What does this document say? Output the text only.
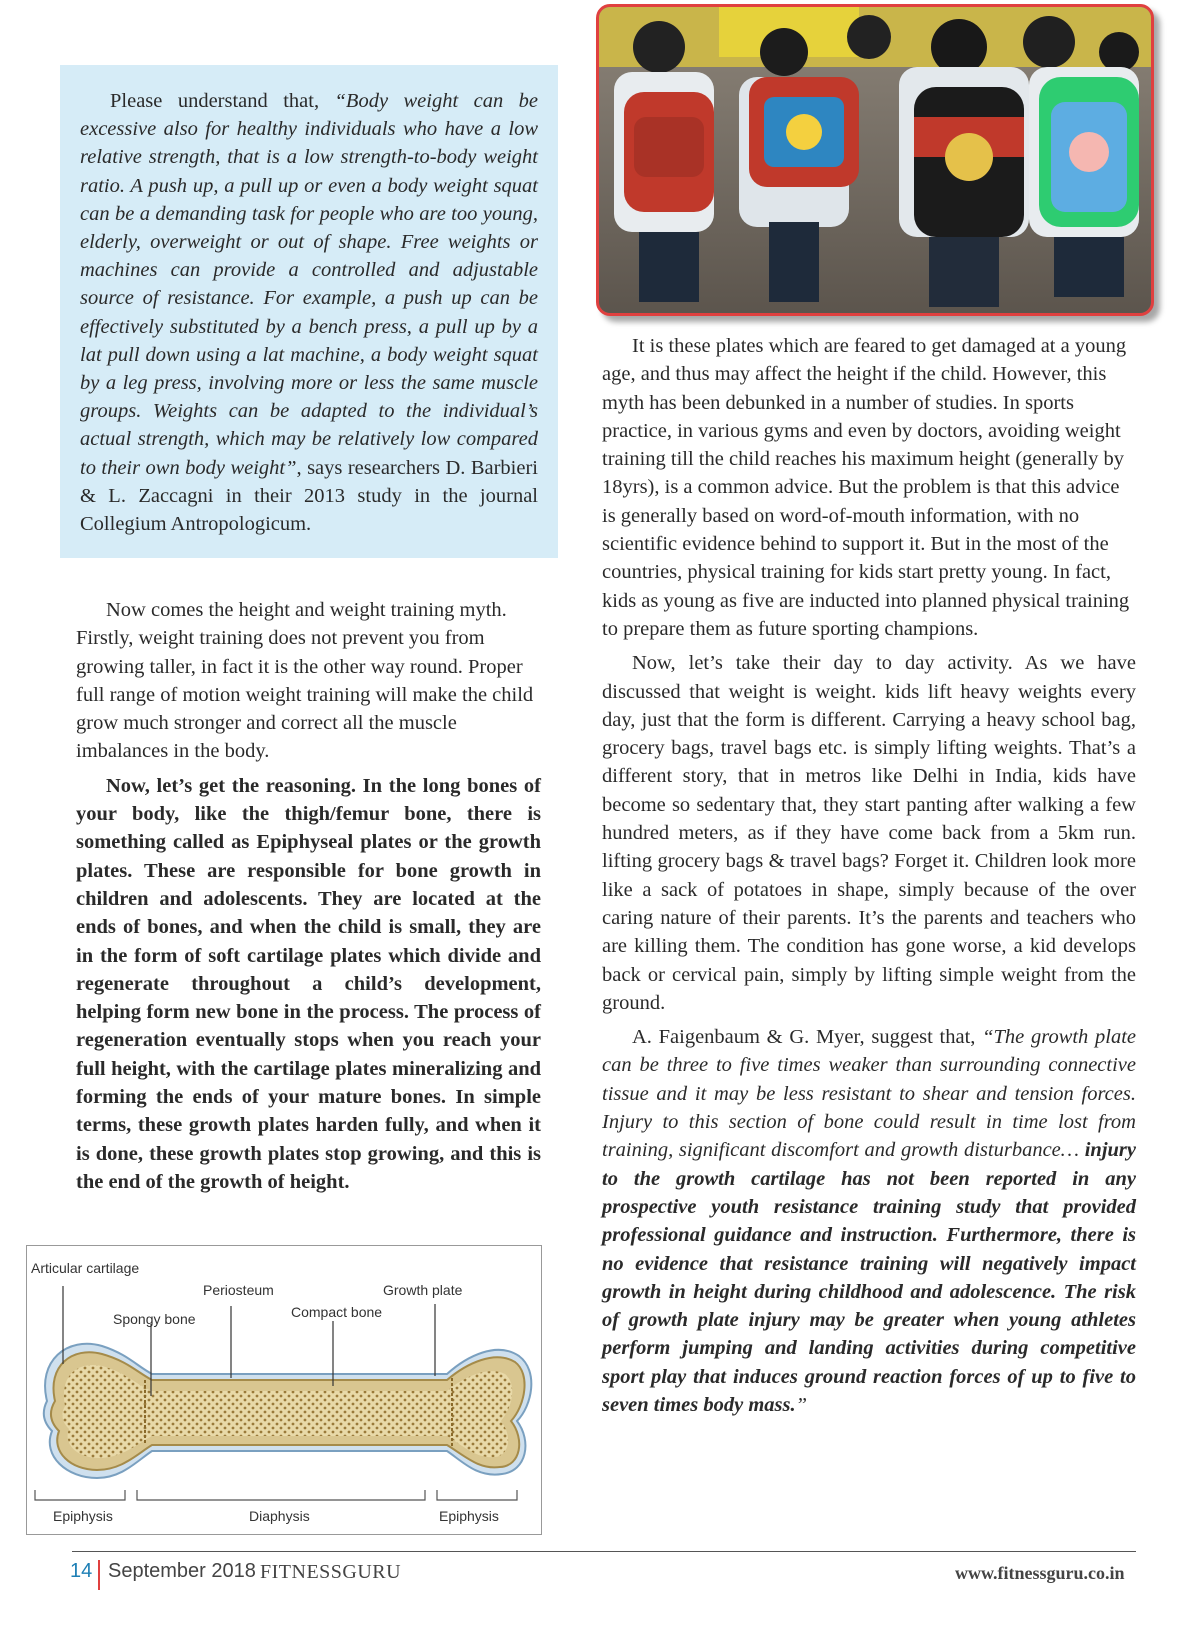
Please understand that, “Body weight can be excessive also for healthy individuals who have a low relative strength, that is a low strength-to-body weight ratio. A push up, a pull up or even a body weight squat can be a demanding task for people who are too young, elderly, overweight or out of shape. Free weights or machines can provide a controlled and adjustable source of resistance. For example, a push up can be effectively substituted by a bench press, a pull up by a lat pull down using a lat machine, a body weight squat by a leg press, involving more or less the same muscle groups. Weights can be adapted to the individual’s actual strength, which may be relatively low compared to their own body weight”, says researchers D. Barbieri & L. Zaccagni in their 2013 study in the journal Collegium Antropologicum.

Now comes the height and weight training myth. Firstly, weight training does not prevent you from growing taller, in fact it is the other way round. Proper full range of motion weight training will make the child grow much stronger and correct all the muscle imbalances in the body.

Now, let’s get the reasoning. In the long bones of your body, like the thigh/femur bone, there is something called as Epiphyseal plates or the growth plates. These are responsible for bone growth in children and adolescents. They are located at the ends of bones, and when the child is small, they are in the form of soft cartilage plates which divide and regenerate throughout a child’s development, helping form new bone in the process. The process of regeneration eventually stops when you reach your full height, with the cartilage plates mineralizing and forming the ends of your mature bones. In simple terms, these growth plates harden fully, and when it is done, these growth plates stop growing, and this is the end of the growth of height.

It is these plates which are feared to get damaged at a young age, and thus may affect the height if the child. However, this myth has been debunked in a number of studies. In sports practice, in various gyms and even by doctors, avoiding weight training till the child reaches his maximum height (generally by 18yrs), is a common advice. But the problem is that this advice is generally based on word-of-mouth information, with no scientific evidence behind to support it. But in the most of the countries, physical training for kids start pretty young. In fact, kids as young as five are inducted into planned physical training to prepare them as future sporting champions.

Now, let’s take their day to day activity. As we have discussed that weight is weight. kids lift heavy weights every day, just that the form is different. Carrying a heavy school bag, grocery bags, travel bags etc. is simply lifting weights. That’s a different story, that in metros like Delhi in India, kids have become so sedentary that, they start panting after walking a few hundred meters, as if they have come back from a 5km run. lifting grocery bags & travel bags? Forget it. Children look more like a sack of potatoes in shape, simply because of the over caring nature of their parents. It’s the parents and teachers who are killing them. The condition has gone worse, a kid develops back or cervical pain, simply by lifting simple weight from the ground.

A. Faigenbaum & G. Myer, suggest that, “The growth plate can be three to five times weaker than surrounding connective tissue and it may be less resistant to shear and tension forces. Injury to this section of bone could result in time lost from training, significant discomfort and growth disturbance… injury to the growth cartilage has not been reported in any prospective youth resistance training study that provided professional guidance and instruction. Furthermore, there is no evidence that resistance training will negatively impact growth in height during childhood and adolescence. The risk of growth plate injury may be greater when young athletes perform jumping and landing activities during competitive sport play that induces ground reaction forces of up to five to seven times body mass.”

Articular cartilage
Periosteum	Growth plate
Spongy bone	Compact bone
Epiphysis	Diaphysis	Epiphysis
14 September 2018 FITNESSGURU	www.fitnessguru.co.in
